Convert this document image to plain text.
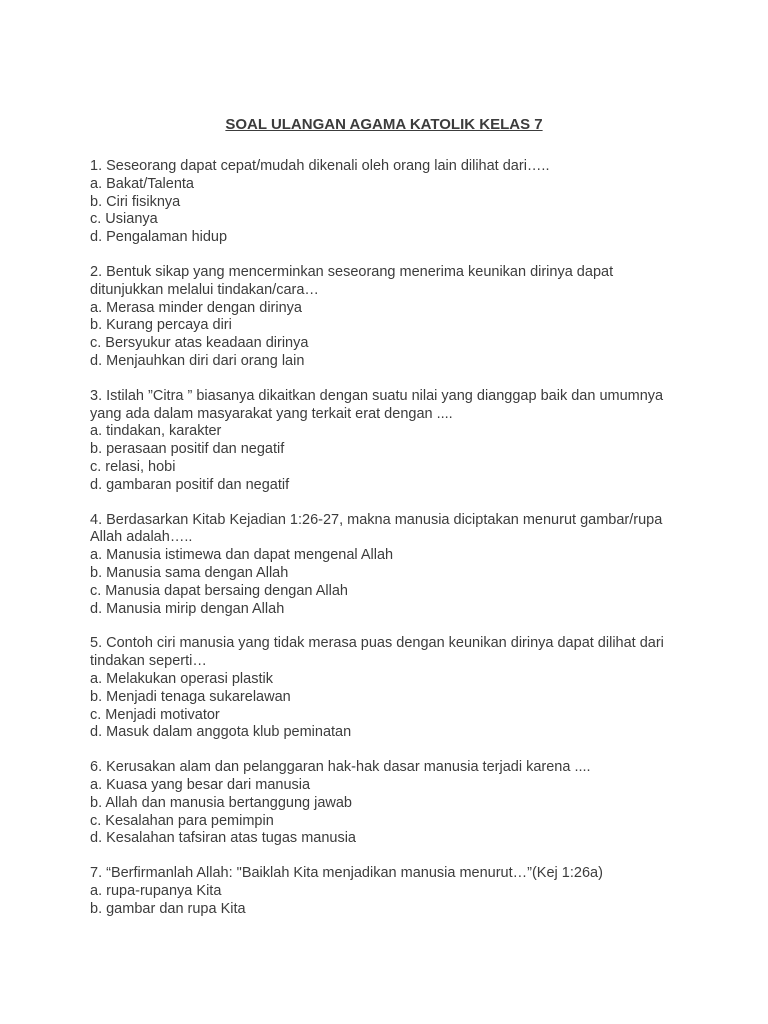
SOAL ULANGAN AGAMA KATOLIK KELAS 7

1. Seseorang dapat cepat/mudah dikenali oleh orang lain dilihat dari…..

a. Bakat/Talenta
b. Ciri fisiknya
c. Usianya
d. Pengalaman hidup

2. Bentuk sikap yang mencerminkan seseorang menerima keunikan dirinya dapat ditunjukkan melalui tindakan/cara…

a. Merasa minder dengan dirinya
b. Kurang percaya diri
c. Bersyukur atas keadaan dirinya
d. Menjauhkan diri dari orang lain

3. Istilah ”Citra ” biasanya dikaitkan dengan suatu nilai yang dianggap baik dan umumnya yang ada dalam masyarakat yang terkait erat dengan ....

a. tindakan, karakter
b. perasaan positif dan negatif
c. relasi, hobi
d. gambaran positif dan negatif

4. Berdasarkan Kitab Kejadian 1:26-27, makna manusia diciptakan menurut gambar/rupa Allah adalah…..

a. Manusia istimewa dan dapat mengenal Allah
b. Manusia sama dengan Allah
c. Manusia dapat bersaing dengan Allah
d. Manusia mirip dengan Allah

5. Contoh ciri manusia yang tidak merasa puas dengan keunikan dirinya dapat dilihat dari tindakan seperti…

a. Melakukan operasi plastik
b. Menjadi tenaga sukarelawan
c. Menjadi motivator
d. Masuk dalam anggota klub peminatan

6. Kerusakan alam dan pelanggaran hak-hak dasar manusia terjadi karena ....

a. Kuasa yang besar dari manusia
b. Allah dan manusia bertanggung jawab
c. Kesalahan para pemimpin
d. Kesalahan tafsiran atas tugas manusia

7. “Berfirmanlah Allah: "Baiklah Kita menjadikan manusia menurut…”(Kej 1:26a)

a. rupa-rupanya Kita
b. gambar dan rupa Kita
